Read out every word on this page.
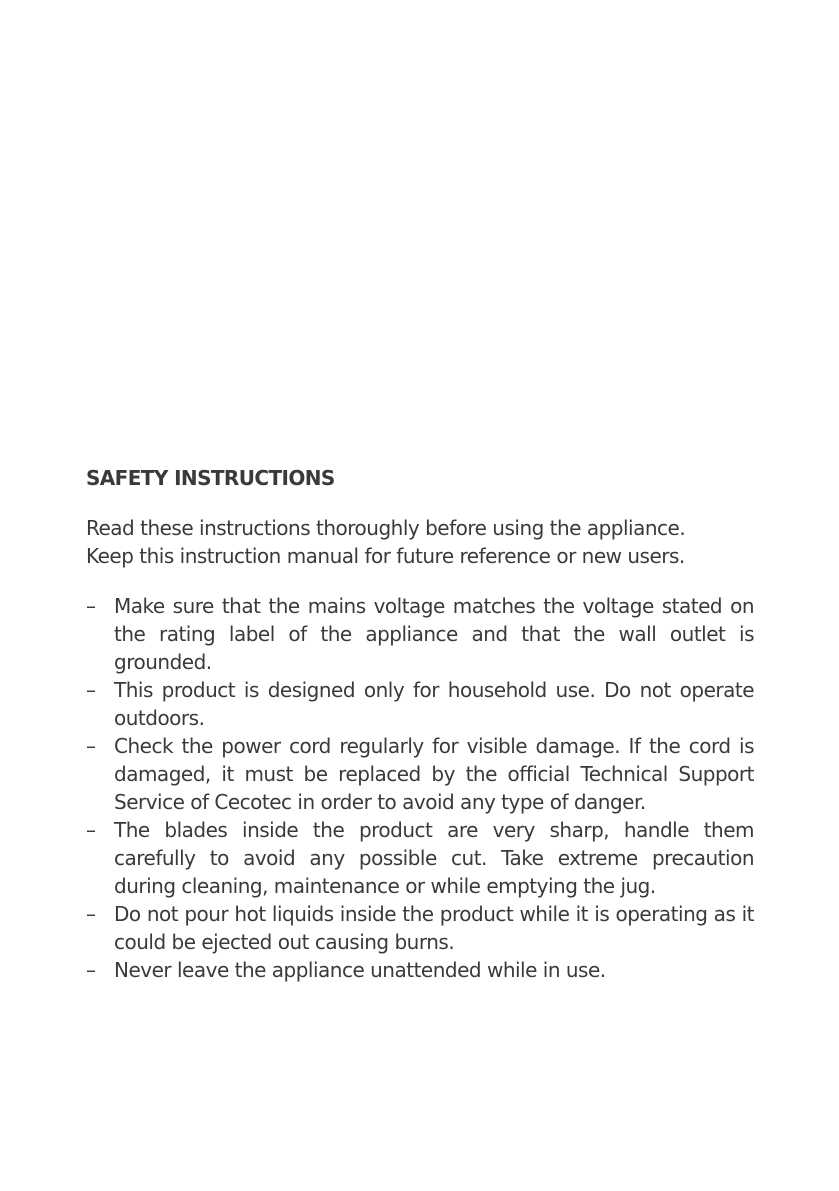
SAFETY INSTRUCTIONS

Read these instructions thoroughly before using the appliance.

Keep this instruction manual for future reference or new users.

– Make sure that the mains voltage matches the voltage stated on the rating label of the appliance and that the wall outlet is grounded.
– This product is designed only for household use. Do not operate outdoors.
– Check the power cord regularly for visible damage. If the cord is damaged, it must be replaced by the official Technical Support Service of Cecotec in order to avoid any type of danger.
– The blades inside the product are very sharp, handle them carefully to avoid any possible cut. Take extreme precaution during cleaning, maintenance or while emptying the jug.
– Do not pour hot liquids inside the product while it is operating as it could be ejected out causing burns.
– Never leave the appliance unattended while in use.
